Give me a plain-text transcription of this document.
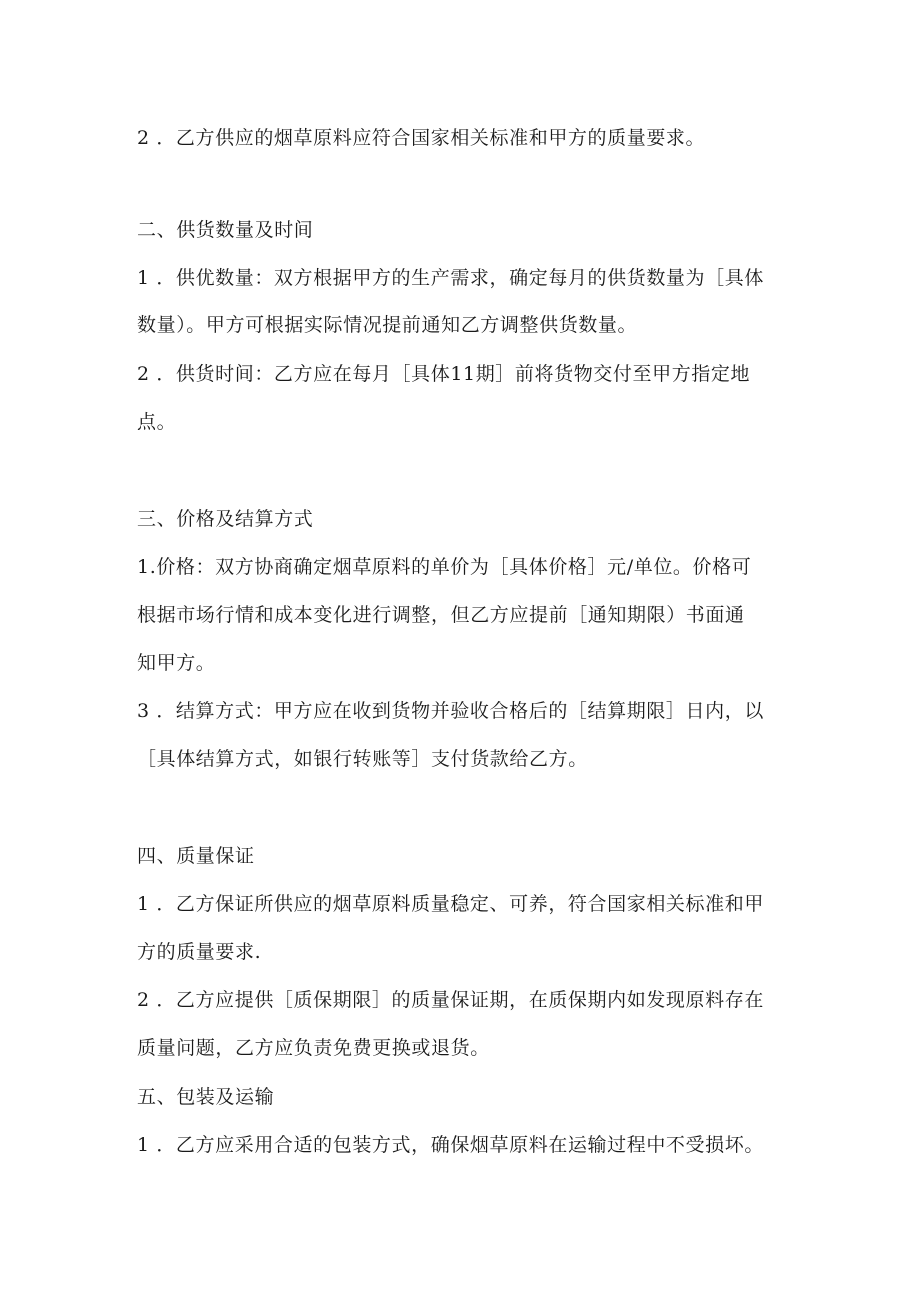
2 ．乙方供应的烟草原料应符合国家相关标准和甲方的质量要求。
二、供货数量及时间
1 ．供优数量：双方根据甲方的生产需求，确定每月的供货数量为［具体
数量）。甲方可根据实际情况提前通知乙方调整供货数量。
2 ．供货时间：乙方应在每月［具体11期］前将货物交付至甲方指定地
点。
三、价格及结算方式
1.价格：双方协商确定烟草原料的单价为［具体价格］元/单位。价格可
根据市场行情和成本变化进行调整，但乙方应提前［通知期限）书面通
知甲方。
3 ．结算方式：甲方应在收到货物并验收合格后的［结算期限］日内，以
［具体结算方式，如银行转账等］支付货款给乙方。
四、质量保证
1 ．乙方保证所供应的烟草原料质量稳定、可养，符合国家相关标准和甲
方的质量要求.
2 ．乙方应提供［质保期限］的质量保证期，在质保期内如发现原料存在
质量问题，乙方应负责免费更换或退货。
五、包装及运输
1 ．乙方应采用合适的包装方式，确保烟草原料在运输过程中不受损坏。
